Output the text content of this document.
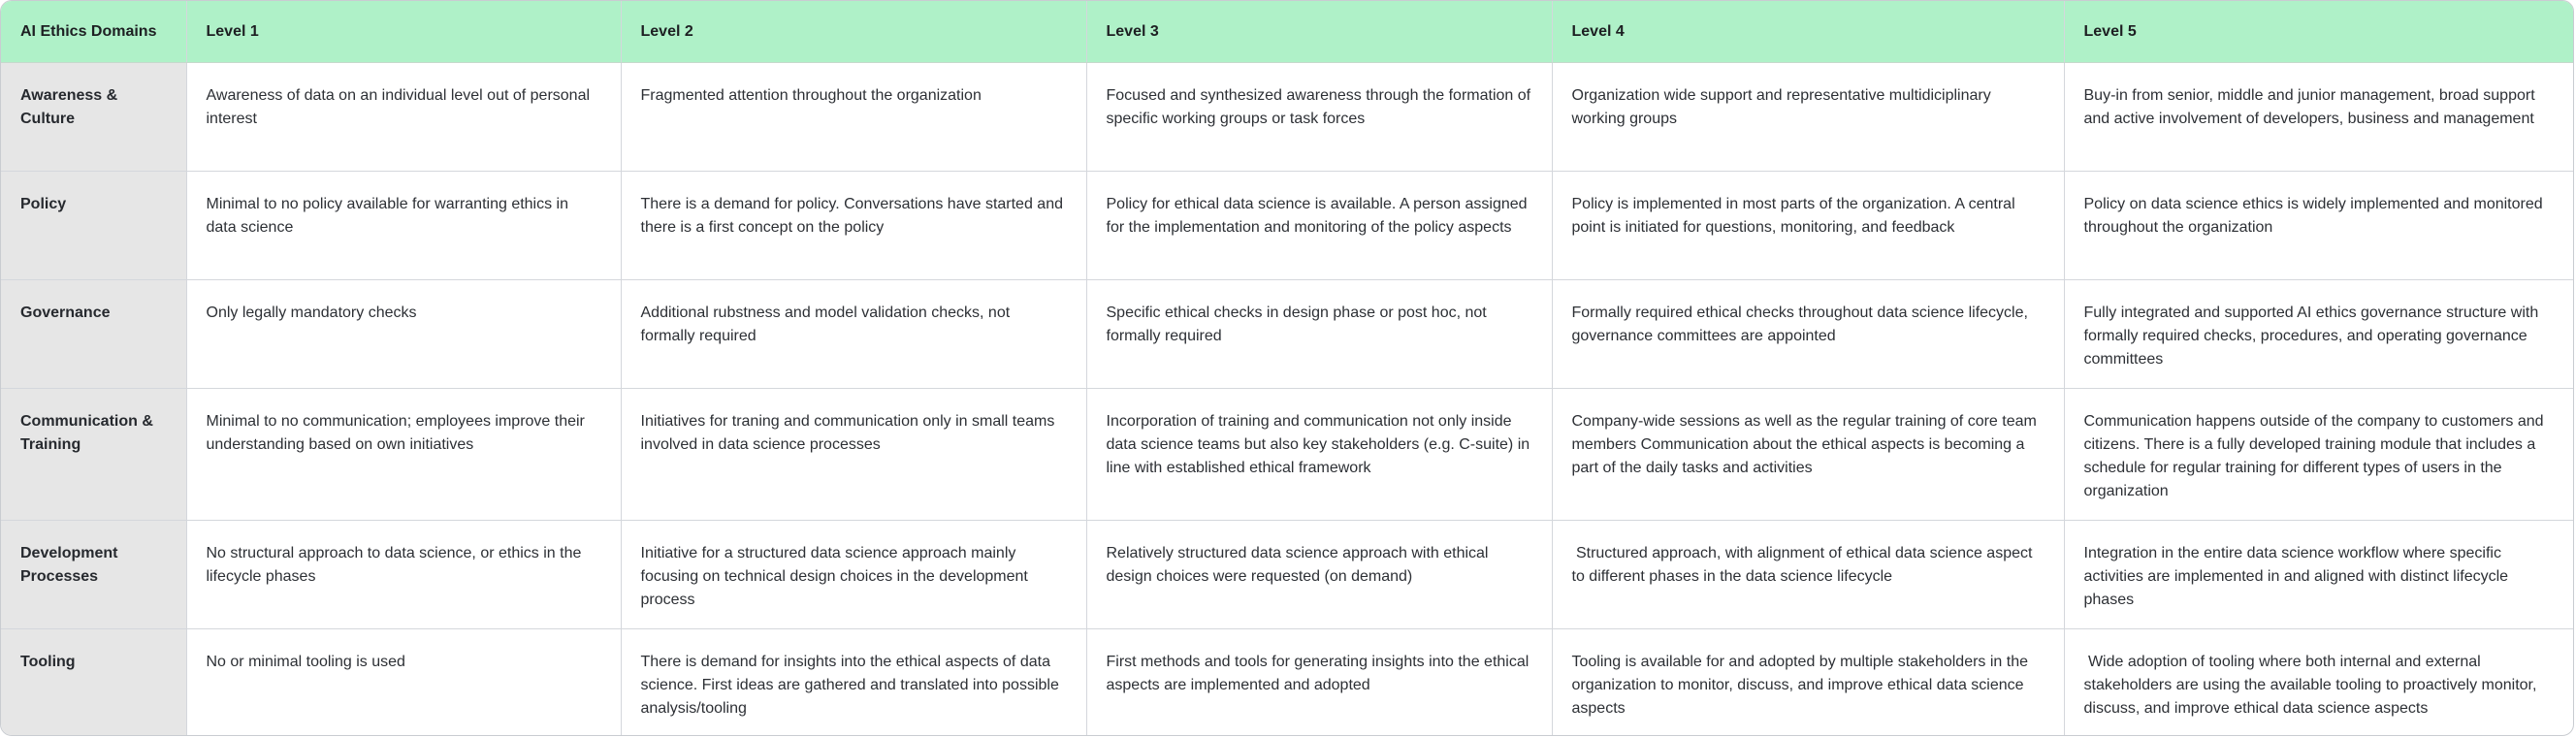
AI Ethics Domains	Level 1	Level 2	Level 3	Level 4	Level 5
Awareness & Culture	Awareness of data on an individual level out of personal interest	Fragmented attention throughout the organization	Focused and synthesized awareness through the formation of specific working groups or task forces	Organization wide support and representative multidiciplinary working groups	Buy-in from senior, middle and junior management, broad support and active involvement of developers, business and management
Policy	Minimal to no policy available for warranting ethics in data science	There is a demand for policy. Conversations have started and there is a first concept on the policy	Policy for ethical data science is available. A person assigned for the implementation and monitoring of the policy aspects	Policy is implemented in most parts of the organization. A central point is initiated for questions, monitoring, and feedback	Policy on data science ethics is widely implemented and monitored throughout the organization
Governance	Only legally mandatory checks	Additional rubstness and model validation checks, not formally required	Specific ethical checks in design phase or post hoc, not formally required	Formally required ethical checks throughout data science lifecycle, governance committees are appointed	Fully integrated and supported AI ethics governance structure with formally required checks, procedures, and operating governance committees
Communication & Training	Minimal to no communication; employees improve their understanding based on own initiatives	Initiatives for traning and communication only in small teams involved in data science processes	Incorporation of training and communication not only inside data science teams but also key stakeholders (e.g. C-suite) in line with established ethical framework	Company-wide sessions as well as the regular training of core team members Communication about the ethical aspects is becoming a part of the daily tasks and activities	Communication happens outside of the company to customers and citizens. There is a fully developed training module that includes a schedule for regular training for different types of users in the organization
Development Processes	No structural approach to data science, or ethics in the lifecycle phases	Initiative for a structured data science approach mainly focusing on technical design choices in the development process	Relatively structured data science approach with ethical design choices were requested (on demand)	Structured approach, with alignment of ethical data science aspect to different phases in the data science lifecycle	Integration in the entire data science workflow where specific activities are implemented in and aligned with distinct lifecycle phases
Tooling	No or minimal tooling is used	There is demand for insights into the ethical aspects of data science. First ideas are gathered and translated into possible analysis/tooling	First methods and tools for generating insights into the ethical aspects are implemented and adopted	Tooling is available for and adopted by multiple stakeholders in the organization to monitor, discuss, and improve ethical data science aspects	Wide adoption of tooling where both internal and external stakeholders are using the available tooling to proactively monitor, discuss, and improve ethical data science aspects
